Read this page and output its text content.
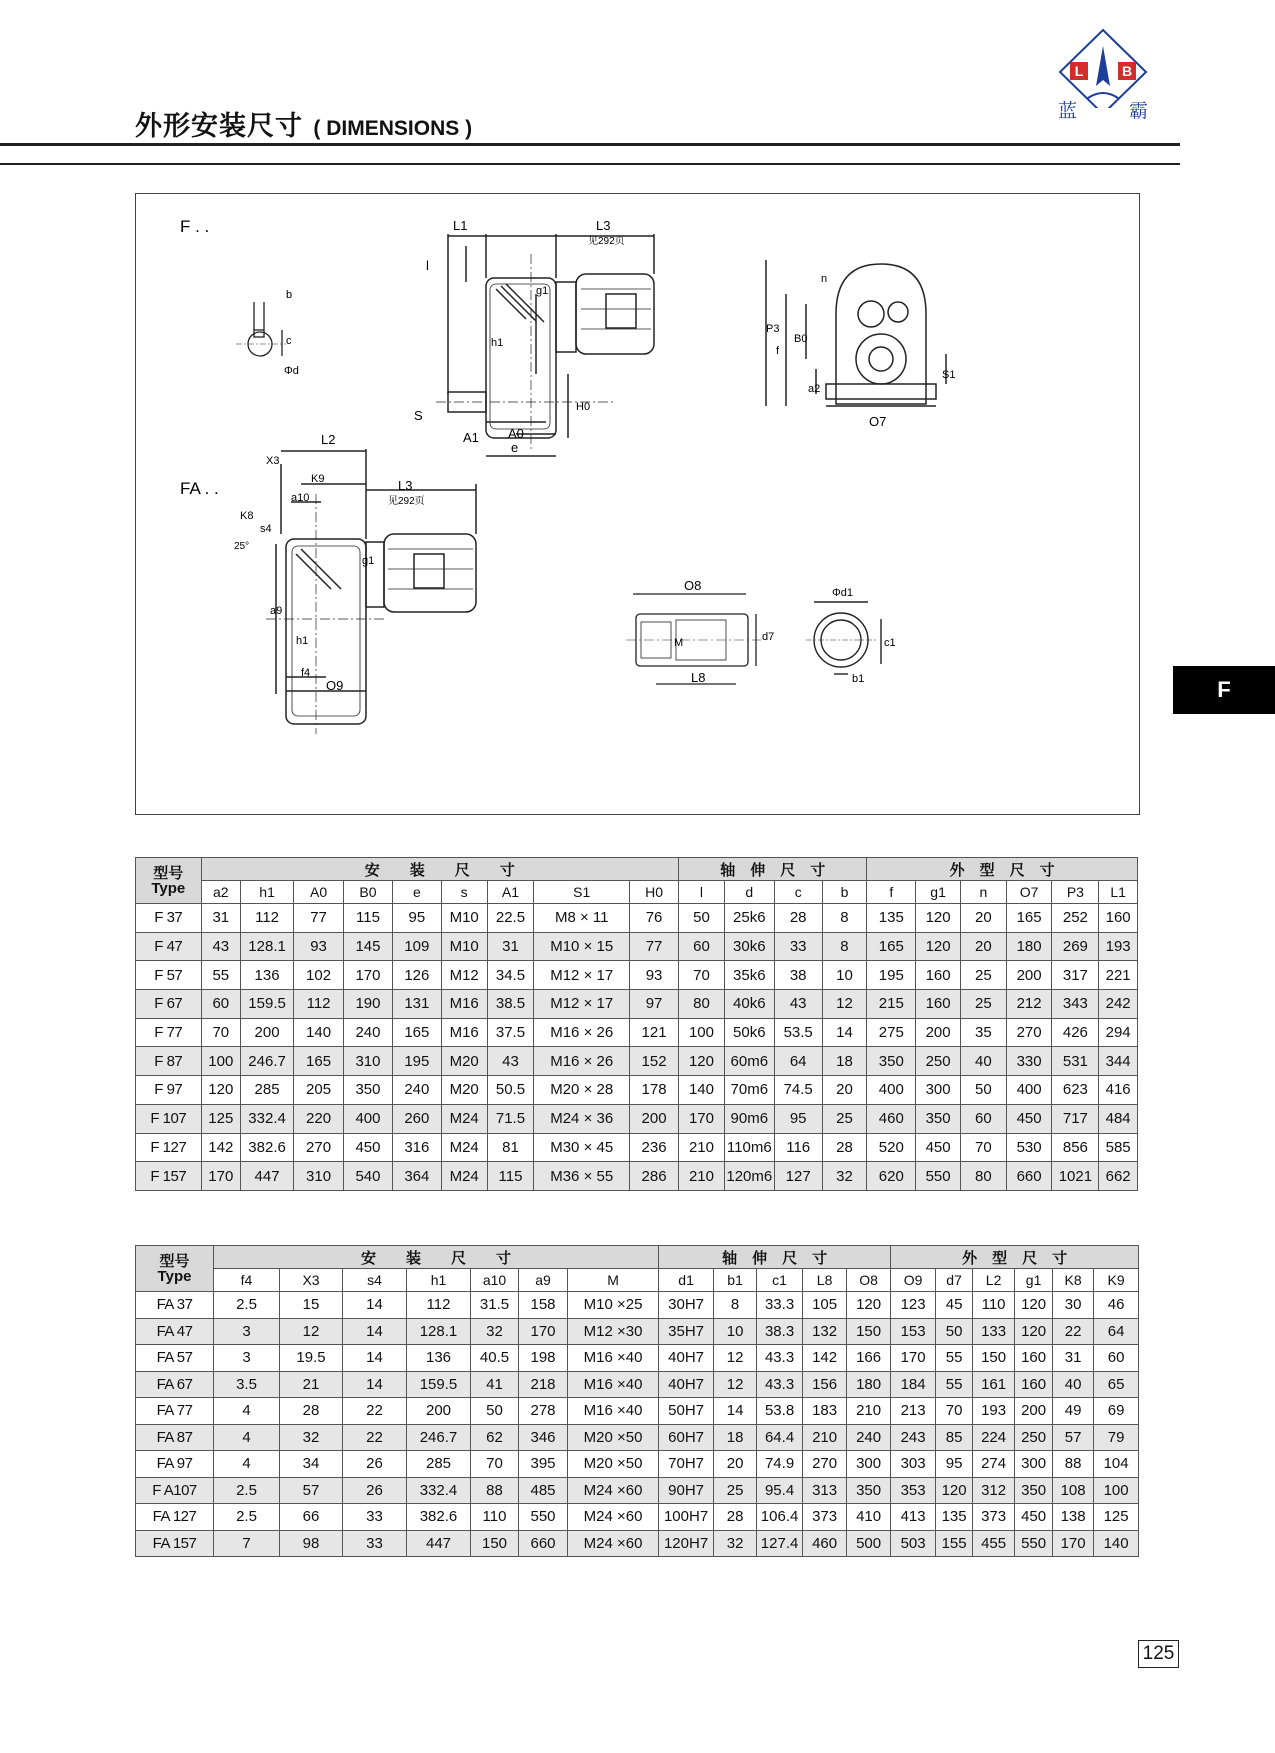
外形安装尺寸 ( DIMENSIONS )
L	B
蓝	霸
F
F . .
FA . .
L1	L3
见292页
l
g1
h1
S
H0
A1 A0
e
b
c
Φd
n
P3
f
B0
a2
S1
O7
L2
X3
K9
a10
K8
s4
25°
g1
a9
h1
f4
O9
L3
见292页
O8
M	d7
L8
Φd1
c1
b1
型号
Type	安　　装　　尺　　寸									轴　伸　尺　寸				外　型　尺　寸					
	a2	h1	A0	B0	e	s	A1	S1	H0	l	d	c	b	f	g1	n	O7	P3	L1
F 37	31	112	77	115	95	M10	22.5	M8 × 11	76	50	25k6	28	8	135	120	20	165	252	160
F 47	43	128.1	93	145	109	M10	31	M10 × 15	77	60	30k6	33	8	165	120	20	180	269	193
F 57	55	136	102	170	126	M12	34.5	M12 × 17	93	70	35k6	38	10	195	160	25	200	317	221
F 67	60	159.5	112	190	131	M16	38.5	M12 × 17	97	80	40k6	43	12	215	160	25	212	343	242
F 77	70	200	140	240	165	M16	37.5	M16 × 26	121	100	50k6	53.5	14	275	200	35	270	426	294
F 87	100	246.7	165	310	195	M20	43	M16 × 26	152	120	60m6	64	18	350	250	40	330	531	344
F 97	120	285	205	350	240	M20	50.5	M20 × 28	178	140	70m6	74.5	20	400	300	50	400	623	416
F 107	125	332.4	220	400	260	M24	71.5	M24 × 36	200	170	90m6	95	25	460	350	60	450	717	484
F 127	142	382.6	270	450	316	M24	81	M30 × 45	236	210	110m6	116	28	520	450	70	530	856	585
F 157	170	447	310	540	364	M24	115	M36 × 55	286	210	120m6	127	32	620	550	80	660	1021	662
型号
Type	安　　装　　尺　　寸							轴　伸　尺　寸					外　型　尺　寸					
	f4	X3	s4	h1	a10	a9	M	d1	b1	c1	L8	O8	O9	d7	L2	g1	K8	K9
FA 37	2.5	15	14	112	31.5	158	M10 ×25	30H7	8	33.3	105	120	123	45	110	120	30	46
FA 47	3	12	14	128.1	32	170	M12 ×30	35H7	10	38.3	132	150	153	50	133	120	22	64
FA 57	3	19.5	14	136	40.5	198	M16 ×40	40H7	12	43.3	142	166	170	55	150	160	31	60
FA 67	3.5	21	14	159.5	41	218	M16 ×40	40H7	12	43.3	156	180	184	55	161	160	40	65
FA 77	4	28	22	200	50	278	M16 ×40	50H7	14	53.8	183	210	213	70	193	200	49	69
FA 87	4	32	22	246.7	62	346	M20 ×50	60H7	18	64.4	210	240	243	85	224	250	57	79
FA 97	4	34	26	285	70	395	M20 ×50	70H7	20	74.9	270	300	303	95	274	300	88	104
F A107	2.5	57	26	332.4	88	485	M24 ×60	90H7	25	95.4	313	350	353	120	312	350	108	100
FA 127	2.5	66	33	382.6	110	550	M24 ×60	100H7	28	106.4	373	410	413	135	373	450	138	125
FA 157	7	98	33	447	150	660	M24 ×60	120H7	32	127.4	460	500	503	155	455	550	170	140
125
